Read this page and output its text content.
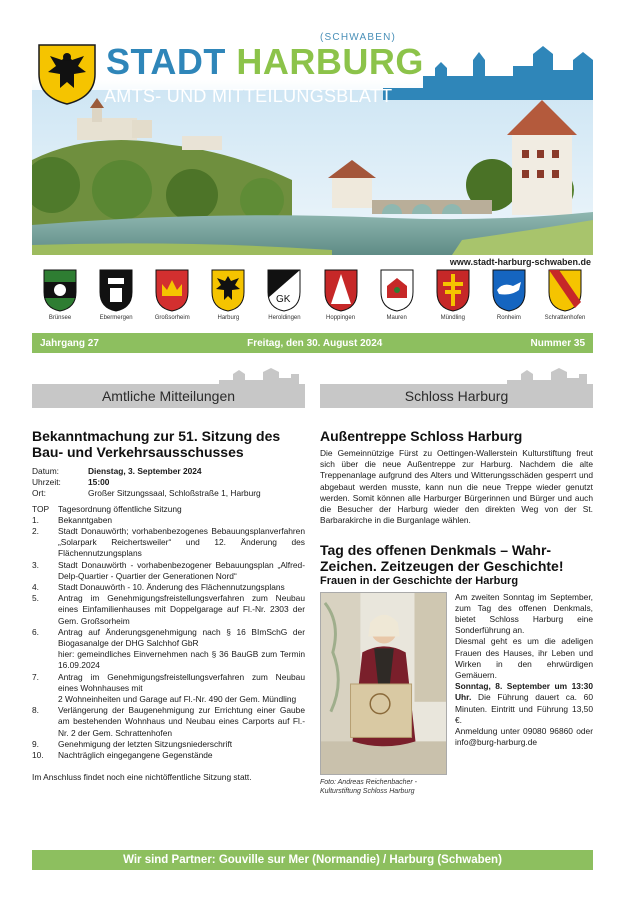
(SCHWABEN)
STADT HARBURG
AMTS- UND MITTEILUNGSBLATT
www.stadt-harburg-schwaben.de
Brünsee	Ebermergen	Großsorheim	Harburg
GK
Heroldingen	Hoppingen	Mauren	Mündling	Ronheim	Schrattenhofen
Jahrgang 27	Freitag, den 30. August 2024	Nummer 35
Amtliche Mitteilungen	Schloss Harburg
Bekanntmachung zur 51. Sitzung des Bau- und Verkehrsausschusses
Datum:	Dienstag, 3. September 2024
Uhrzeit:	15:00
Ort:	Großer Sitzungssaal, Schloßstraße 1, Harburg
TOP	Tagesordnung öffentliche Sitzung
1.	Bekanntgaben
2.	Stadt Donauwörth; vorhabenbezogenes Bebauungsplanverfahren „Solarpark Reichertsweiler“ und 12. Änderung des Flächennutzungsplans
3.	Stadt Donauwörth - vorhabenbezogener Bebauungsplan „Alfred-Delp-Quartier - Quartier der Generationen Nord“
4.	Stadt Donauwörth - 10. Änderung des Flächennutzungsplans
5.	Antrag im Genehmigungsfreistellungsverfahren zum Neubau eines Einfamilienhauses mit Doppelgarage auf Fl.-Nr. 2303 der Gem. Großsorheim
6.	Antrag auf Änderungsgenehmigung nach § 16 BImSchG der Biogasanalge der DHG Salchhof GbR
hier: gemeindliches Einvernehmen nach § 36 BauGB zum Termin 16.09.2024
7.	Antrag im Genehmigungsfreistellungsverfahren zum Neubau eines Wohnhauses mit
2 Wohneinheiten und Garage auf Fl.-Nr. 490 der Gem. Mündling
8.	Verlängerung der Baugenehmigung zur Errichtung einer Gaube am bestehenden Wohnhaus und Neubau eines Carports auf Fl.-Nr. 2 der Gem. Schrattenhofen
9.	Genehmigung der letzten Sitzungsniederschrift
10.	Nachträglich eingegangene Gegenstände

Im Anschluss findet noch eine nichtöffentliche Sitzung statt.

Außentreppe Schloss Harburg

Die Gemeinnützige Fürst zu Oettingen-Wallerstein Kulturstiftung freut sich über die neue Außentreppe zur Harburg. Nachdem die alte Treppenanlage aufgrund des Alters und Witterungsschäden gesperrt und abgebaut werden musste, kann nun die neue Treppe wieder genutzt werden. Somit können alle Harburger Bürgerinnen und Bürger und auch die Besucher der Harburg wieder den direkten Weg von der St. Barbarakirche in die Burganlage wählen.

Tag des offenen Denkmals – Wahr-Zeichen. Zeitzeugen der Geschichte!
Frauen in der Geschichte der Harburg

Foto: Andreas Reichenbacher - Kulturstiftung Schloss Harburg

Am zweiten Sonntag im September, zum Tag des offenen Denkmals, bietet Schloss Harburg eine Sonderführung an.

Diesmal geht es um die adeligen Frauen des Hauses, ihr Leben und Wirken in den ehrwürdigen Gemäuern.

Sonntag, 8. September um 13:30 Uhr. Die Führung dauert ca. 60 Minuten. Eintritt und Führung 13,50 €.

Anmeldung unter 09080 96860 oder info@burg-harburg.de

Wir sind Partner: Gouville sur Mer (Normandie) / Harburg (Schwaben)
